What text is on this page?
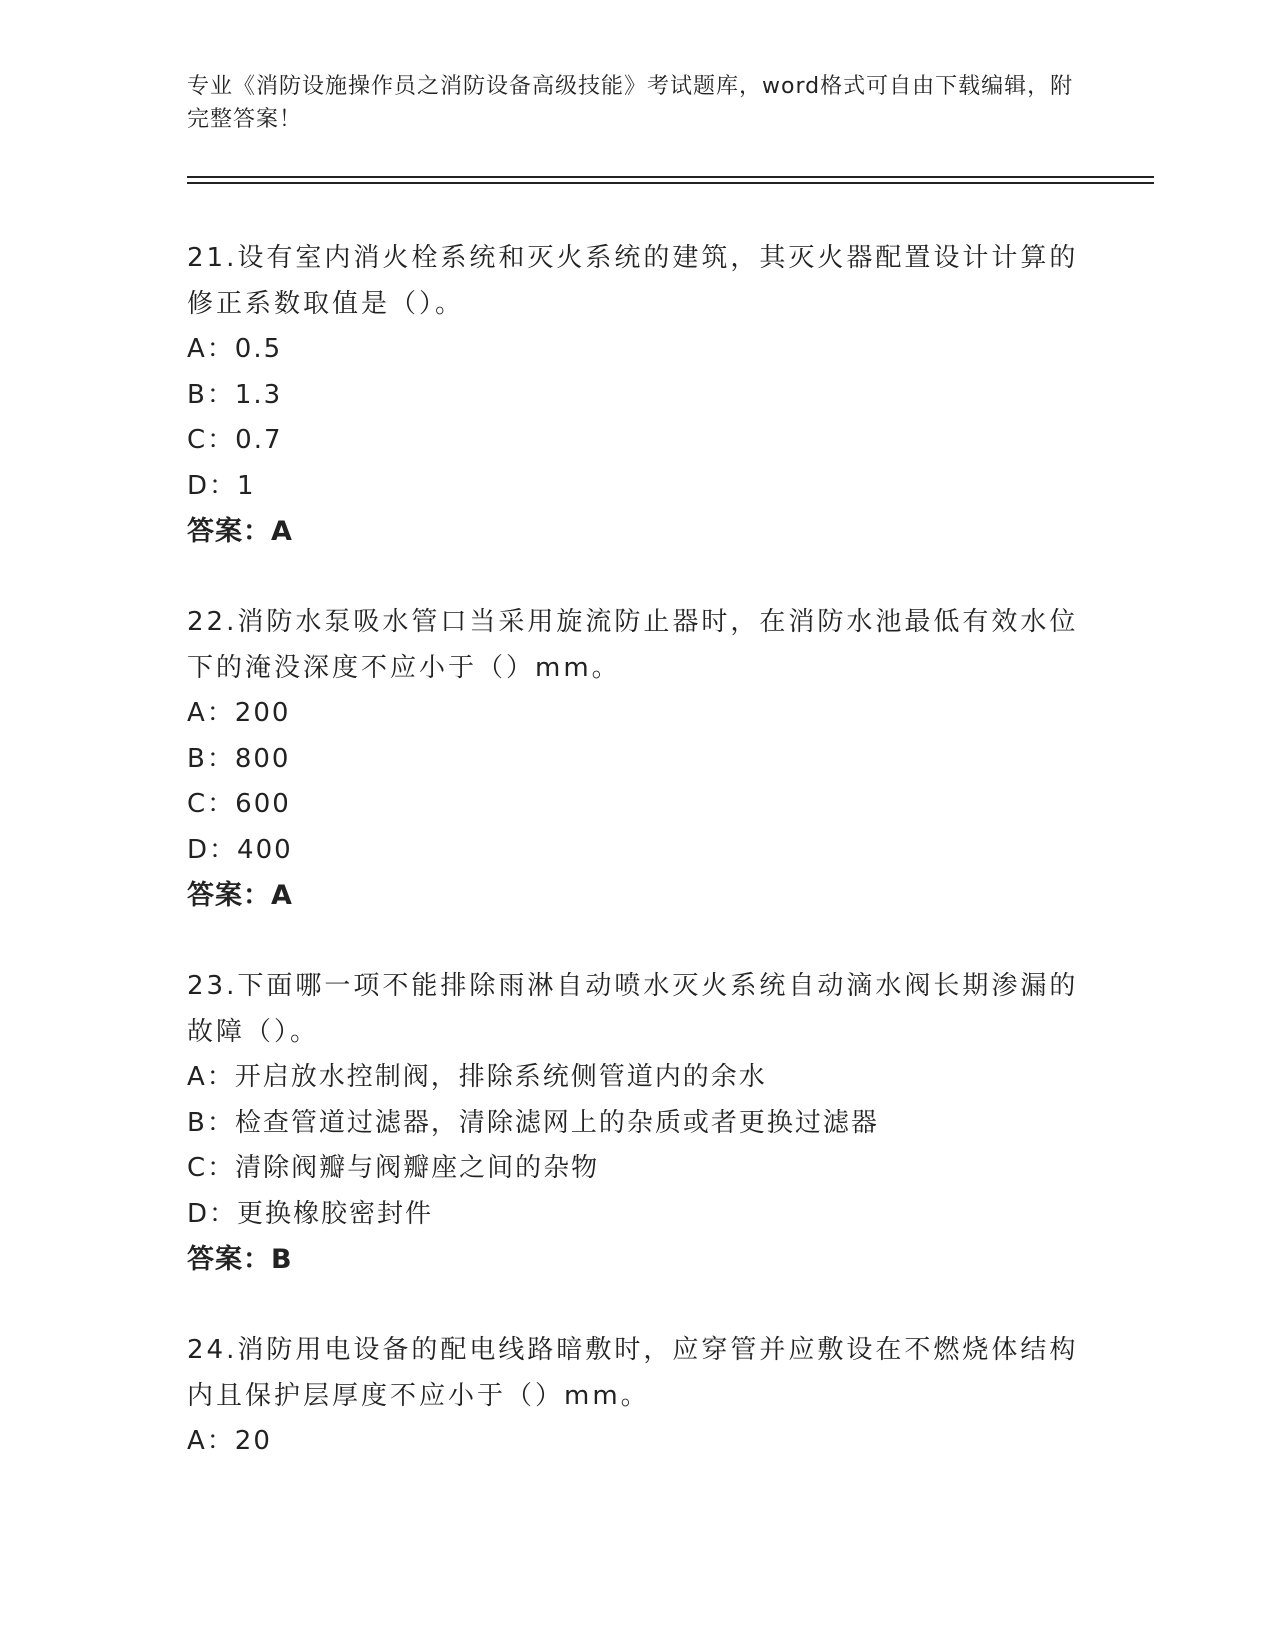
专业《消防设施操作员之消防设备高级技能》考试题库，word格式可自由下载编辑，附完整答案！
21.设有室内消火栓系统和灭火系统的建筑，其灭火器配置设计计算的修正系数取值是（）。
A：0.5
B：1.3
C：0.7
D：1
答案：A
22.消防水泵吸水管口当采用旋流防止器时，在消防水池最低有效水位下的淹没深度不应小于（）mm。
A：200
B：800
C：600
D：400
答案：A
23.下面哪一项不能排除雨淋自动喷水灭火系统自动滴水阀长期渗漏的故障（）。
A：开启放水控制阀，排除系统侧管道内的余水
B：检查管道过滤器，清除滤网上的杂质或者更换过滤器
C：清除阀瓣与阀瓣座之间的杂物
D：更换橡胶密封件
答案：B
24.消防用电设备的配电线路暗敷时，应穿管并应敷设在不燃烧体结构内且保护层厚度不应小于（）mm。
A：20
